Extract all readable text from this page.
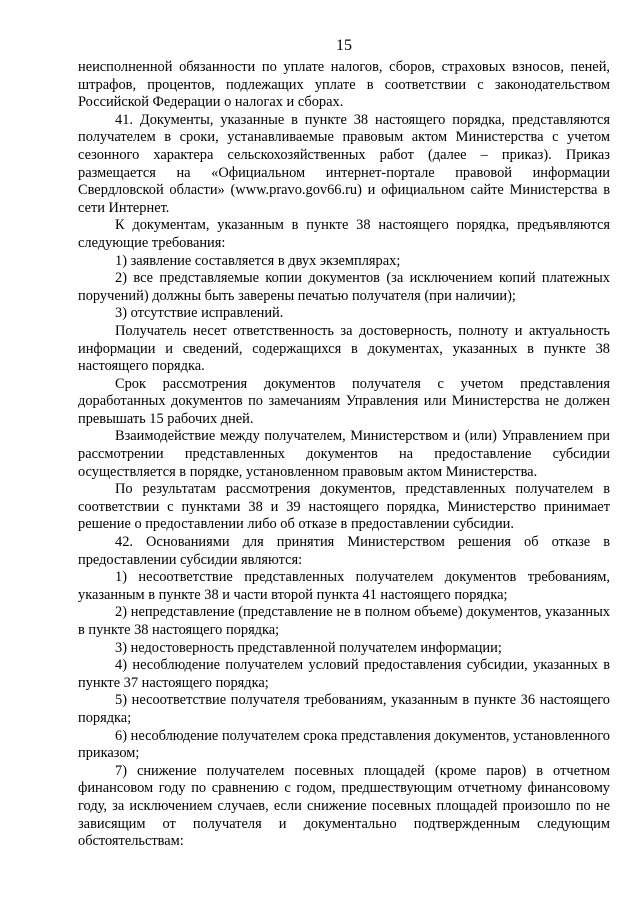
15

неисполненной обязанности по уплате налогов, сборов, страховых взносов, пеней, штрафов, процентов, подлежащих уплате в соответствии с законодательством Российской Федерации о налогах и сборах.

41. Документы, указанные в пункте 38 настоящего порядка, представляются получателем в сроки, устанавливаемые правовым актом Министерства с учетом сезонного характера сельскохозяйственных работ (далее – приказ). Приказ размещается на «Официальном интернет-портале правовой информации Свердловской области» (www.pravo.gov66.ru) и официальном сайте Министерства в сети Интернет.

К документам, указанным в пункте 38 настоящего порядка, предъявляются следующие требования:

1) заявление составляется в двух экземплярах;

2) все представляемые копии документов (за исключением копий платежных поручений) должны быть заверены печатью получателя (при наличии);

3) отсутствие исправлений.

Получатель несет ответственность за достоверность, полноту и актуальность информации и сведений, содержащихся в документах, указанных в пункте 38 настоящего порядка.

Срок рассмотрения документов получателя с учетом представления доработанных документов по замечаниям Управления или Министерства не должен превышать 15 рабочих дней.

Взаимодействие между получателем, Министерством и (или) Управлением при рассмотрении представленных документов на предоставление субсидии осуществляется в порядке, установленном правовым актом Министерства.

По результатам рассмотрения документов, представленных получателем в соответствии с пунктами 38 и 39 настоящего порядка, Министерство принимает решение о предоставлении либо об отказе в предоставлении субсидии.

42. Основаниями для принятия Министерством решения об отказе в предоставлении субсидии являются:

1) несоответствие представленных получателем документов требованиям, указанным в пункте 38 и части второй пункта 41 настоящего порядка;

2) непредставление (представление не в полном объеме) документов, указанных в пункте 38 настоящего порядка;

3) недостоверность представленной получателем информации;

4) несоблюдение получателем условий предоставления субсидии, указанных в пункте 37 настоящего порядка;

5) несоответствие получателя требованиям, указанным в пункте 36 настоящего порядка;

6) несоблюдение получателем срока представления документов, установленного приказом;

7) снижение получателем посевных площадей (кроме паров) в отчетном финансовом году по сравнению с годом, предшествующим отчетному финансовому году, за исключением случаев, если снижение посевных площадей произошло по не зависящим от получателя и документально подтвержденным следующим обстоятельствам:
